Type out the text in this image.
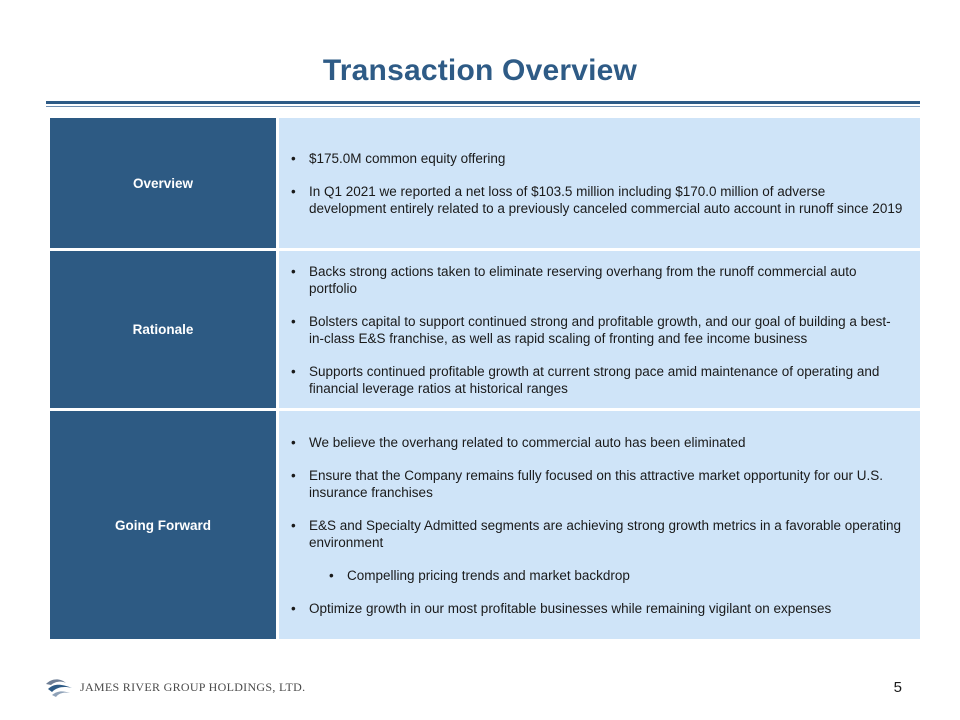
Transaction Overview
Overview
• $175.0M common equity offering
• In Q1 2021 we reported a net loss of $103.5 million including $170.0 million of adverse development entirely related to a previously canceled commercial auto account in runoff since 2019
Rationale
• Backs strong actions taken to eliminate reserving overhang from the runoff commercial auto portfolio
• Bolsters capital to support continued strong and profitable growth, and our goal of building a best-in-class E&S franchise, as well as rapid scaling of fronting and fee income business
• Supports continued profitable growth at current strong pace amid maintenance of operating and financial leverage ratios at historical ranges
Going Forward
• We believe the overhang related to commercial auto has been eliminated
• Ensure that the Company remains fully focused on this attractive market opportunity for our U.S. insurance franchises
• E&S and Specialty Admitted segments are achieving strong growth metrics in a favorable operating environment
• Compelling pricing trends and market backdrop
• Optimize growth in our most profitable businesses while remaining vigilant on expenses
JAMES RIVER GROUP HOLDINGS, LTD.	5
